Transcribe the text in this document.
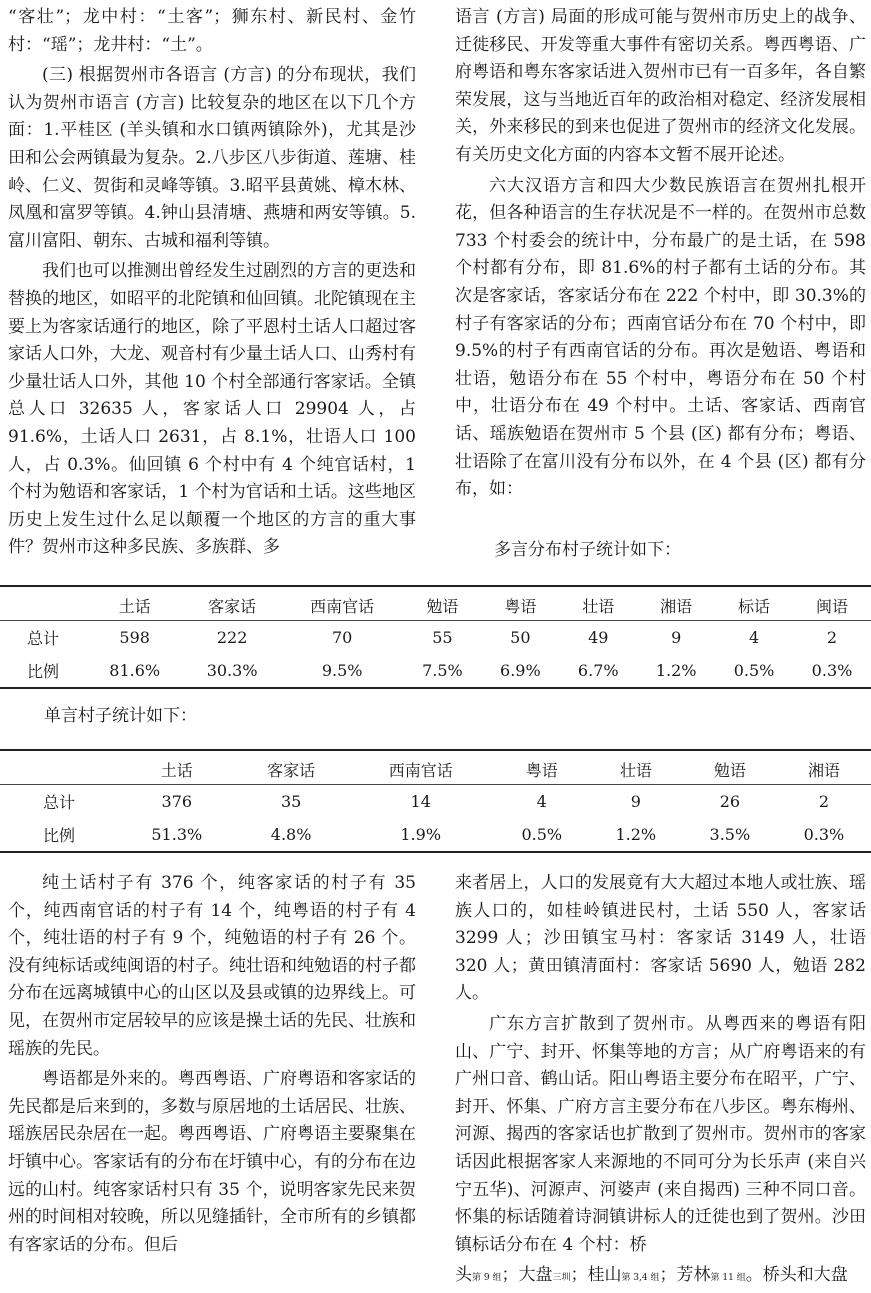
“客壮”；龙中村：“土客”；狮东村、新民村、金竹村：“瑶”；龙井村：“土”。

(三) 根据贺州市各语言 (方言) 的分布现状，我们认为贺州市语言 (方言) 比较复杂的地区在以下几个方面：1.平桂区 (羊头镇和水口镇两镇除外)，尤其是沙田和公会两镇最为复杂。2.八步区八步街道、莲塘、桂岭、仁义、贺街和灵峰等镇。3.昭平县黄姚、樟木林、凤凰和富罗等镇。4.钟山县清塘、燕塘和两安等镇。5.富川富阳、朝东、古城和福利等镇。

我们也可以推测出曾经发生过剧烈的方言的更迭和替换的地区，如昭平的北陀镇和仙回镇。北陀镇现在主要上为客家话通行的地区，除了平恩村土话人口超过客家话人口外，大龙、观音村有少量土话人口、山秀村有少量壮话人口外，其他 10 个村全部通行客家话。全镇总人口 32635 人，客家话人口 29904 人，占 91.6%，土话人口 2631，占 8.1%，壮语人口 100 人，占 0.3%。仙回镇 6 个村中有 4 个纯官话村，1 个村为勉语和客家话，1 个村为官话和土话。这些地区历史上发生过什么足以颠覆一个地区的方言的重大事件？贺州市这种多民族、多族群、多

语言 (方言) 局面的形成可能与贺州市历史上的战争、迁徙移民、开发等重大事件有密切关系。粤西粤语、广府粤语和粤东客家话进入贺州市已有一百多年，各自繁荣发展，这与当地近百年的政治相对稳定、经济发展相关，外来移民的到来也促进了贺州市的经济文化发展。有关历史文化方面的内容本文暂不展开论述。

六大汉语方言和四大少数民族语言在贺州扎根开花，但各种语言的生存状况是不一样的。在贺州市总数 733 个村委会的统计中，分布最广的是土话，在 598 个村都有分布，即 81.6%的村子都有土话的分布。其次是客家话，客家话分布在 222 个村中，即 30.3%的村子有客家话的分布；西南官话分布在 70 个村中，即 9.5%的村子有西南官话的分布。再次是勉语、粤语和壮语，勉语分布在 55 个村中，粤语分布在 50 个村中，壮语分布在 49 个村中。土话、客家话、西南官话、瑶族勉语在贺州市 5 个县 (区) 都有分布；粤语、壮语除了在富川没有分布以外，在 4 个县 (区) 都有分布，如：

多言分布村子统计如下：
	土话	客家话	西南官话	勉语	粤语	壮语	湘语	标话	闽语
总计	598	222	70	55	50	49	9	4	2
比例	81.6%	30.3%	9.5%	7.5%	6.9%	6.7%	1.2%	0.5%	0.3%
单言村子统计如下：
	土话	客家话	西南官话	粤语	壮语	勉语	湘语
总计	376	35	14	4	9	26	2
比例	51.3%	4.8%	1.9%	0.5%	1.2%	3.5%	0.3%

纯土话村子有 376 个，纯客家话的村子有 35 个，纯西南官话的村子有 14 个，纯粤语的村子有 4 个，纯壮语的村子有 9 个，纯勉语的村子有 26 个。没有纯标话或纯闽语的村子。纯壮语和纯勉语的村子都分布在远离城镇中心的山区以及县或镇的边界线上。可见，在贺州市定居较早的应该是操土话的先民、壮族和瑶族的先民。

粤语都是外来的。粤西粤语、广府粤语和客家话的先民都是后来到的，多数与原居地的土话居民、壮族、瑶族居民杂居在一起。粤西粤语、广府粤语主要聚集在圩镇中心。客家话有的分布在圩镇中心，有的分布在边远的山村。纯客家话村只有 35 个，说明客家先民来贺州的时间相对较晚，所以见缝插针，全市所有的乡镇都有客家话的分布。但后

来者居上，人口的发展竟有大大超过本地人或壮族、瑶族人口的，如桂岭镇进民村，土话 550 人，客家话 3299 人；沙田镇宝马村：客家话 3149 人，壮语 320 人；黄田镇清面村：客家话 5690 人，勉语 282人。

广东方言扩散到了贺州市。从粤西来的粤语有阳山、广宁、封开、怀集等地的方言；从广府粤语来的有广州口音、鹤山话。阳山粤语主要分布在昭平，广宁、封开、怀集、广府方言主要分布在八步区。粤东梅州、河源、揭西的客家话也扩散到了贺州市。贺州市的客家话因此根据客家人来源地的不同可分为长乐声 (来自兴宁五华)、河源声、河婆声 (来自揭西) 三种不同口音。怀集的标话随着诗洞镇讲标人的迁徙也到了贺州。沙田镇标话分布在 4 个村：桥

头第 9 组；大盘三圳；桂山第 3,4 组；芳林第 11 组。桥头和大盘
